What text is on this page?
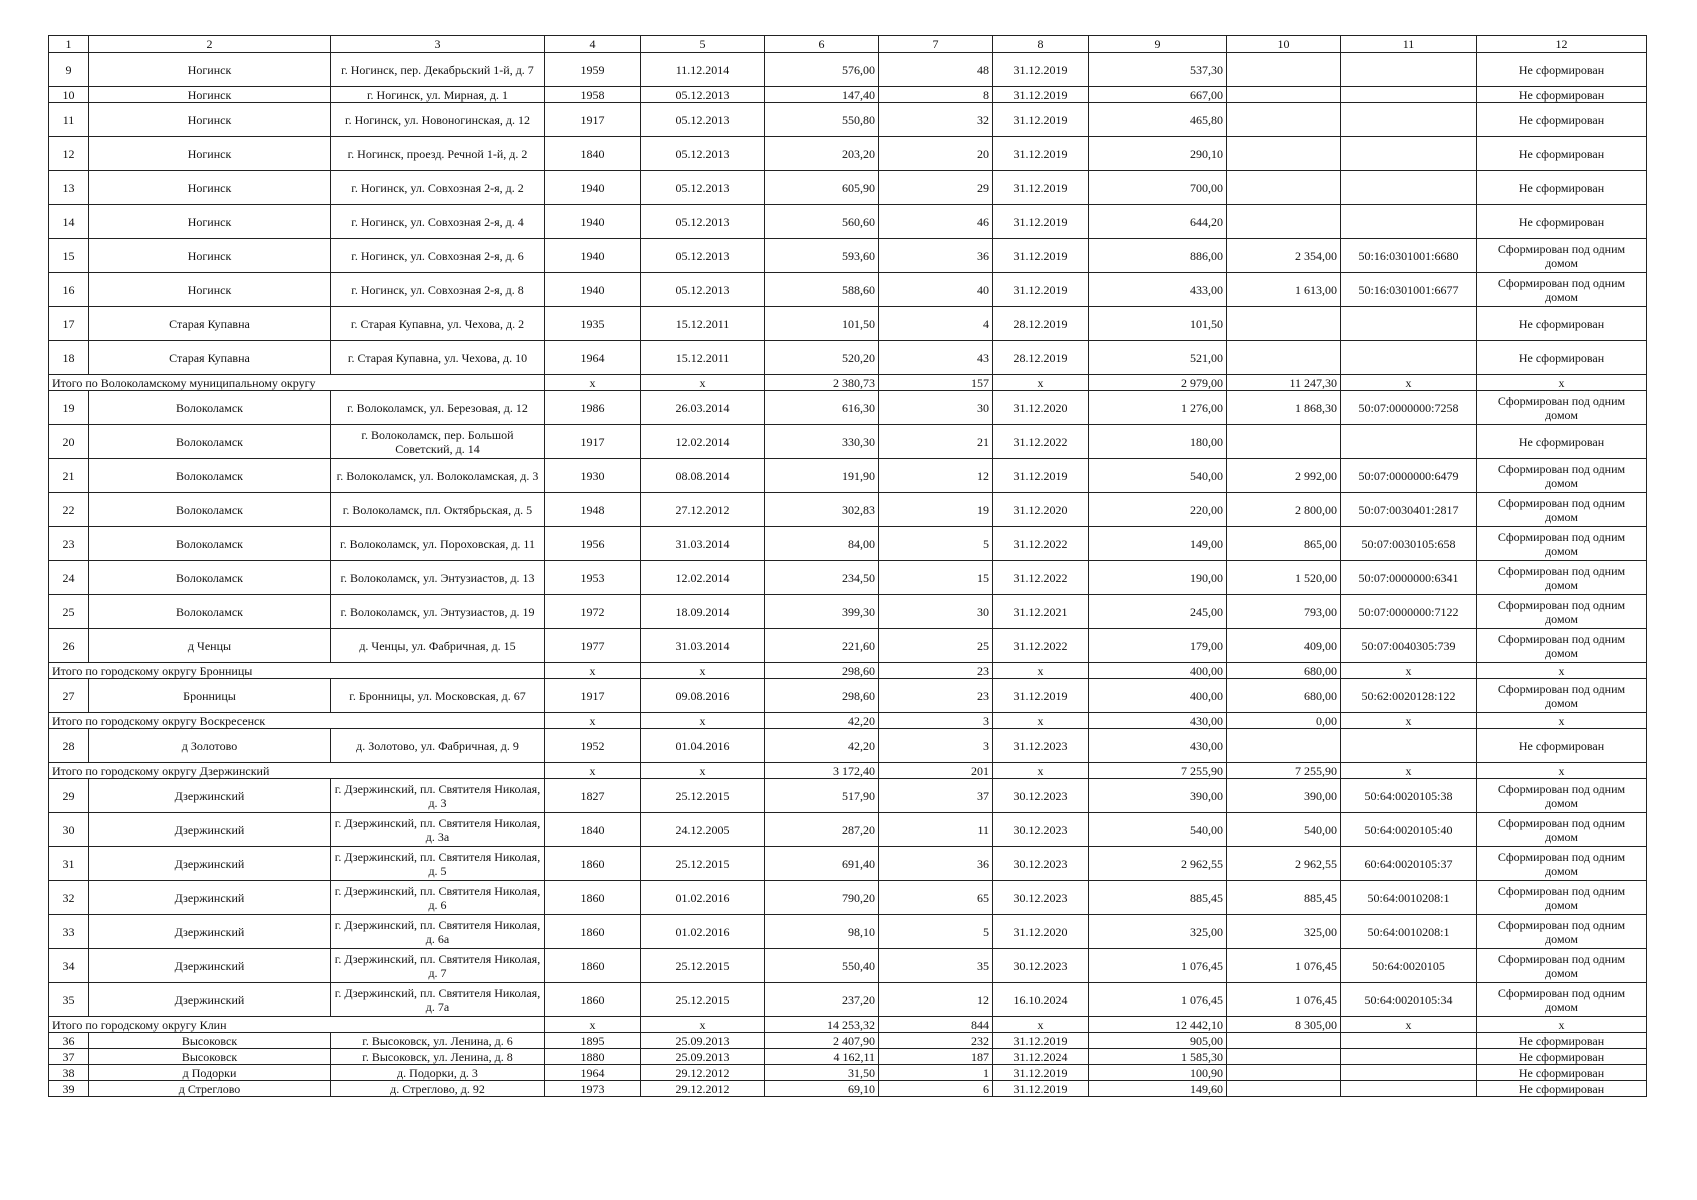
1	2	3	4	5	6	7	8	9	10	11	12
9	Ногинск	г. Ногинск, пер. Декабрьский 1-й, д. 7	1959	11.12.2014	576,00	48	31.12.2019	537,30			Не сформирован
10	Ногинск	г. Ногинск, ул. Мирная, д. 1	1958	05.12.2013	147,40	8	31.12.2019	667,00			Не сформирован
11	Ногинск	г. Ногинск, ул. Новоногинская, д. 12	1917	05.12.2013	550,80	32	31.12.2019	465,80			Не сформирован
12	Ногинск	г. Ногинск, проезд. Речной 1-й, д. 2	1840	05.12.2013	203,20	20	31.12.2019	290,10			Не сформирован
13	Ногинск	г. Ногинск, ул. Совхозная 2-я, д. 2	1940	05.12.2013	605,90	29	31.12.2019	700,00			Не сформирован
14	Ногинск	г. Ногинск, ул. Совхозная 2-я, д. 4	1940	05.12.2013	560,60	46	31.12.2019	644,20			Не сформирован
15	Ногинск	г. Ногинск, ул. Совхозная 2-я, д. 6	1940	05.12.2013	593,60	36	31.12.2019	886,00	2 354,00	50:16:0301001:6680	Сформирован под одним домом
16	Ногинск	г. Ногинск, ул. Совхозная 2-я, д. 8	1940	05.12.2013	588,60	40	31.12.2019	433,00	1 613,00	50:16:0301001:6677	Сформирован под одним домом
17	Старая Купавна	г. Старая Купавна, ул. Чехова, д. 2	1935	15.12.2011	101,50	4	28.12.2019	101,50			Не сформирован
18	Старая Купавна	г. Старая Купавна, ул. Чехова, д. 10	1964	15.12.2011	520,20	43	28.12.2019	521,00			Не сформирован
Итого по Волоколамскому муниципальному округу			x	x	2 380,73	157	x	2 979,00	11 247,30	x	x
19	Волоколамск	г. Волоколамск, ул. Березовая, д. 12	1986	26.03.2014	616,30	30	31.12.2020	1 276,00	1 868,30	50:07:0000000:7258	Сформирован под одним домом
20	Волоколамск	г. Волоколамск, пер. Большой Советский, д. 14	1917	12.02.2014	330,30	21	31.12.2022	180,00			Не сформирован
21	Волоколамск	г. Волоколамск, ул. Волоколамская, д. 3	1930	08.08.2014	191,90	12	31.12.2019	540,00	2 992,00	50:07:0000000:6479	Сформирован под одним домом
22	Волоколамск	г. Волоколамск, пл. Октябрьская, д. 5	1948	27.12.2012	302,83	19	31.12.2020	220,00	2 800,00	50:07:0030401:2817	Сформирован под одним домом
23	Волоколамск	г. Волоколамск, ул. Пороховская, д. 11	1956	31.03.2014	84,00	5	31.12.2022	149,00	865,00	50:07:0030105:658	Сформирован под одним домом
24	Волоколамск	г. Волоколамск, ул. Энтузиастов, д. 13	1953	12.02.2014	234,50	15	31.12.2022	190,00	1 520,00	50:07:0000000:6341	Сформирован под одним домом
25	Волоколамск	г. Волоколамск, ул. Энтузиастов, д. 19	1972	18.09.2014	399,30	30	31.12.2021	245,00	793,00	50:07:0000000:7122	Сформирован под одним домом
26	д Ченцы	д. Ченцы, ул. Фабричная, д. 15	1977	31.03.2014	221,60	25	31.12.2022	179,00	409,00	50:07:0040305:739	Сформирован под одним домом
Итого по городскому округу Бронницы			x	x	298,60	23	x	400,00	680,00	x	x
27	Бронницы	г. Бронницы, ул. Московская, д. 67	1917	09.08.2016	298,60	23	31.12.2019	400,00	680,00	50:62:0020128:122	Сформирован под одним домом
Итого по городскому округу Воскресенск			x	x	42,20	3	x	430,00	0,00	x	x
28	д Золотово	д. Золотово, ул. Фабричная, д. 9	1952	01.04.2016	42,20	3	31.12.2023	430,00			Не сформирован
Итого по городскому округу Дзержинский			x	x	3 172,40	201	x	7 255,90	7 255,90	x	x
29	Дзержинский	г. Дзержинский, пл. Святителя Николая, д. 3	1827	25.12.2015	517,90	37	30.12.2023	390,00	390,00	50:64:0020105:38	Сформирован под одним домом
30	Дзержинский	г. Дзержинский, пл. Святителя Николая, д. 3а	1840	24.12.2005	287,20	11	30.12.2023	540,00	540,00	50:64:0020105:40	Сформирован под одним домом
31	Дзержинский	г. Дзержинский, пл. Святителя Николая, д. 5	1860	25.12.2015	691,40	36	30.12.2023	2 962,55	2 962,55	60:64:0020105:37	Сформирован под одним домом
32	Дзержинский	г. Дзержинский, пл. Святителя Николая, д. 6	1860	01.02.2016	790,20	65	30.12.2023	885,45	885,45	50:64:0010208:1	Сформирован под одним домом
33	Дзержинский	г. Дзержинский, пл. Святителя Николая, д. 6а	1860	01.02.2016	98,10	5	31.12.2020	325,00	325,00	50:64:0010208:1	Сформирован под одним домом
34	Дзержинский	г. Дзержинский, пл. Святителя Николая, д. 7	1860	25.12.2015	550,40	35	30.12.2023	1 076,45	1 076,45	50:64:0020105	Сформирован под одним домом
35	Дзержинский	г. Дзержинский, пл. Святителя Николая, д. 7а	1860	25.12.2015	237,20	12	16.10.2024	1 076,45	1 076,45	50:64:0020105:34	Сформирован под одним домом
Итого по городскому округу Клин			x	x	14 253,32	844	x	12 442,10	8 305,00	x	x
36	Высоковск	г. Высоковск, ул. Ленина, д. 6	1895	25.09.2013	2 407,90	232	31.12.2019	905,00			Не сформирован
37	Высоковск	г. Высоковск, ул. Ленина, д. 8	1880	25.09.2013	4 162,11	187	31.12.2024	1 585,30			Не сформирован
38	д Подорки	д. Подорки, д. 3	1964	29.12.2012	31,50	1	31.12.2019	100,90			Не сформирован
39	д Стреглово	д. Стреглово, д. 92	1973	29.12.2012	69,10	6	31.12.2019	149,60			Не сформирован
